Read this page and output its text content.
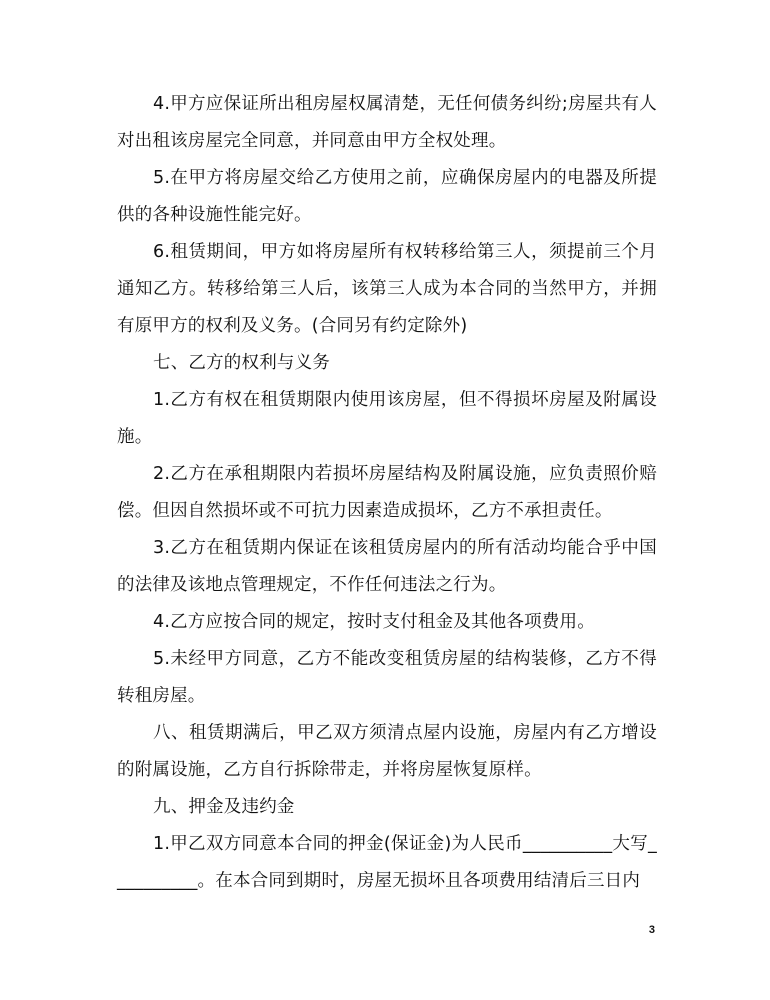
4.甲方应保证所出租房屋权属清楚，无任何债务纠纷;房屋共有人对出租该房屋完全同意，并同意由甲方全权处理。

5.在甲方将房屋交给乙方使用之前，应确保房屋内的电器及所提供的各种设施性能完好。

6.租赁期间，甲方如将房屋所有权转移给第三人，须提前三个月通知乙方。转移给第三人后，该第三人成为本合同的当然甲方，并拥有原甲方的权利及义务。(合同另有约定除外)

七、乙方的权利与义务

1.乙方有权在租赁期限内使用该房屋，但不得损坏房屋及附属设施。

2.乙方在承租期限内若损坏房屋结构及附属设施，应负责照价赔偿。但因自然损坏或不可抗力因素造成损坏，乙方不承担责任。

3.乙方在租赁期内保证在该租赁房屋内的所有活动均能合乎中国的法律及该地点管理规定，不作任何违法之行为。

4.乙方应按合同的规定，按时支付租金及其他各项费用。

5.未经甲方同意，乙方不能改变租赁房屋的结构装修，乙方不得转租房屋。

八、租赁期满后，甲乙双方须清点屋内设施，房屋内有乙方增设的附属设施，乙方自行拆除带走，并将房屋恢复原样。

九、押金及违约金

1.甲乙双方同意本合同的押金(保证金)为人民币__________大写__________。在本合同到期时，房屋无损坏且各项费用结清后三日内

3
